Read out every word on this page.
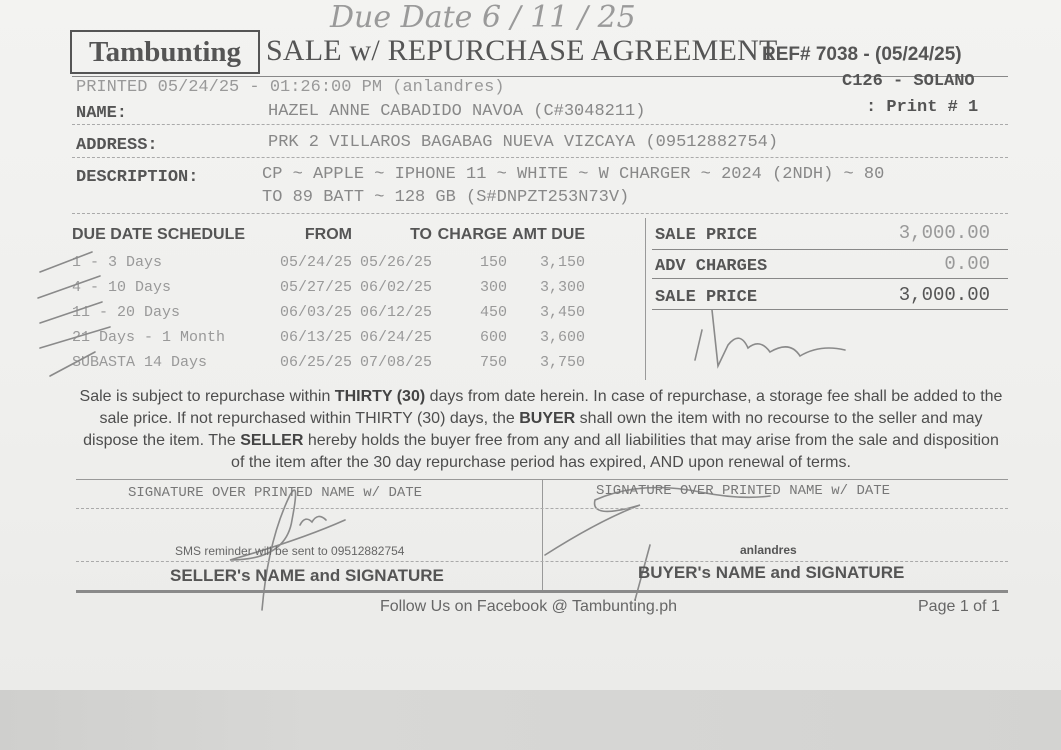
Due Date 6 / 11 / 25
Tambunting SALE w/ REPURCHASE AGREEMENT
REF# 7038 - (05/24/25)
PRINTED 05/24/25 - 01:26:00 PM (anlandres)	C126 - SOLANO
: Print # 1
NAME:	HAZEL ANNE CABADIDO NAVOA (C#3048211)
ADDRESS:	PRK 2 VILLAROS BAGABAG NUEVA VIZCAYA (09512882754)
DESCRIPTION:	CP ~ APPLE ~ IPHONE 11 ~ WHITE ~ W CHARGER ~ 2024 (2NDH) ~ 80
TO 89 BATT ~ 128 GB (S#DNPZT253N73V)
DUE DATE SCHEDULE	FROM	TO	CHARGE	AMT DUE
1 - 3 Days	05/24/25	05/26/25	150	3,150
4 - 10 Days	05/27/25	06/02/25	300	3,300
11 - 20 Days	06/03/25	06/12/25	450	3,450
21 Days - 1 Month	06/13/25	06/24/25	600	3,600
SUBASTA 14 Days	06/25/25	07/08/25	750	3,750
SALE PRICE	3,000.00
ADV CHARGES	0.00
SALE PRICE	3,000.00
Sale is subject to repurchase within THIRTY (30) days from date herein. In case of repurchase, a storage fee shall be added to the sale price. If not repurchased within THIRTY (30) days, the BUYER shall own the item with no recourse to the seller and may dispose the item. The SELLER hereby holds the buyer free from any and all liabilities that may arise from the sale and disposition of the item after the 30 day repurchase period has expired, AND upon renewal of terms.
SIGNATURE OVER PRINTED NAME w/ DATE	SIGNATURE OVER PRINTED NAME w/ DATE
SMS reminder will be sent to 09512882754	anlandres
SELLER's NAME and SIGNATURE	BUYER's NAME and SIGNATURE
Follow Us on Facebook @ Tambunting.ph	Page 1 of 1
